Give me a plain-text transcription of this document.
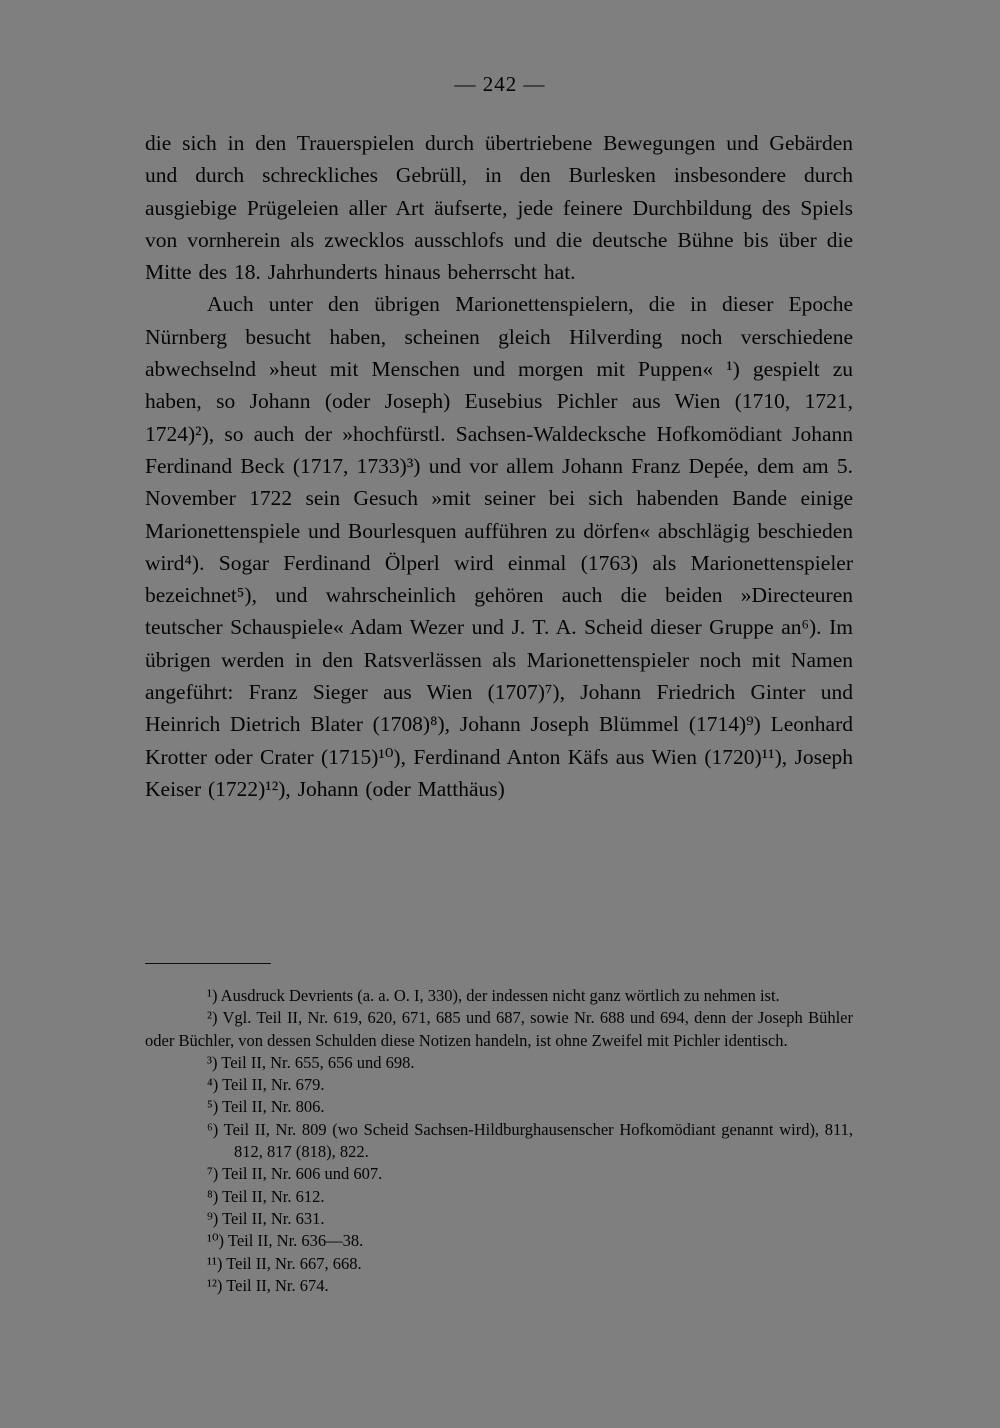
— 242 —

die sich in den Trauerspielen durch übertriebene Bewegungen und Gebärden und durch schreckliches Gebrüll, in den Burlesken insbesondere durch ausgiebige Prügeleien aller Art äufserte, jede feinere Durchbildung des Spiels von vornherein als zwecklos ausschlofs und die deutsche Bühne bis über die Mitte des 18. Jahrhunderts hinaus beherrscht hat.

Auch unter den übrigen Marionettenspielern, die in dieser Epoche Nürnberg besucht haben, scheinen gleich Hilverding noch verschiedene abwechselnd »heut mit Menschen und morgen mit Puppen« ¹) gespielt zu haben, so Johann (oder Joseph) Eusebius Pichler aus Wien (1710, 1721, 1724)²), so auch der »hochfürstl. Sachsen-Waldecksche Hofkomödiant Johann Ferdinand Beck (1717, 1733)³) und vor allem Johann Franz Depée, dem am 5. November 1722 sein Gesuch »mit seiner bei sich habenden Bande einige Marionettenspiele und Bourlesquen aufführen zu dörfen« abschlägig beschieden wird⁴). Sogar Ferdinand Ölperl wird einmal (1763) als Marionettenspieler bezeichnet⁵), und wahrscheinlich gehören auch die beiden »Directeuren teutscher Schauspiele« Adam Wezer und J. T. A. Scheid dieser Gruppe an⁶). Im übrigen werden in den Ratsverlässen als Marionettenspieler noch mit Namen angeführt: Franz Sieger aus Wien (1707)⁷), Johann Friedrich Ginter und Heinrich Dietrich Blater (1708)⁸), Johann Joseph Blümmel (1714)⁹) Leonhard Krotter oder Crater (1715)¹⁰), Ferdinand Anton Käfs aus Wien (1720)¹¹), Joseph Keiser (1722)¹²), Johann (oder Matthäus)

¹) Ausdruck Devrients (a. a. O. I, 330), der indessen nicht ganz wörtlich zu nehmen ist.

²) Vgl. Teil II, Nr. 619, 620, 671, 685 und 687, sowie Nr. 688 und 694, denn der Joseph Bühler oder Büchler, von dessen Schulden diese Notizen handeln, ist ohne Zweifel mit Pichler identisch.

³) Teil II, Nr. 655, 656 und 698.

⁴) Teil II, Nr. 679.

⁵) Teil II, Nr. 806.

⁶) Teil II, Nr. 809 (wo Scheid Sachsen-Hildburghausenscher Hofkomödiant genannt wird), 811, 812, 817 (818), 822.

⁷) Teil II, Nr. 606 und 607.

⁸) Teil II, Nr. 612.

⁹) Teil II, Nr. 631.

¹⁰) Teil II, Nr. 636—38.

¹¹) Teil II, Nr. 667, 668.

¹²) Teil II, Nr. 674.
